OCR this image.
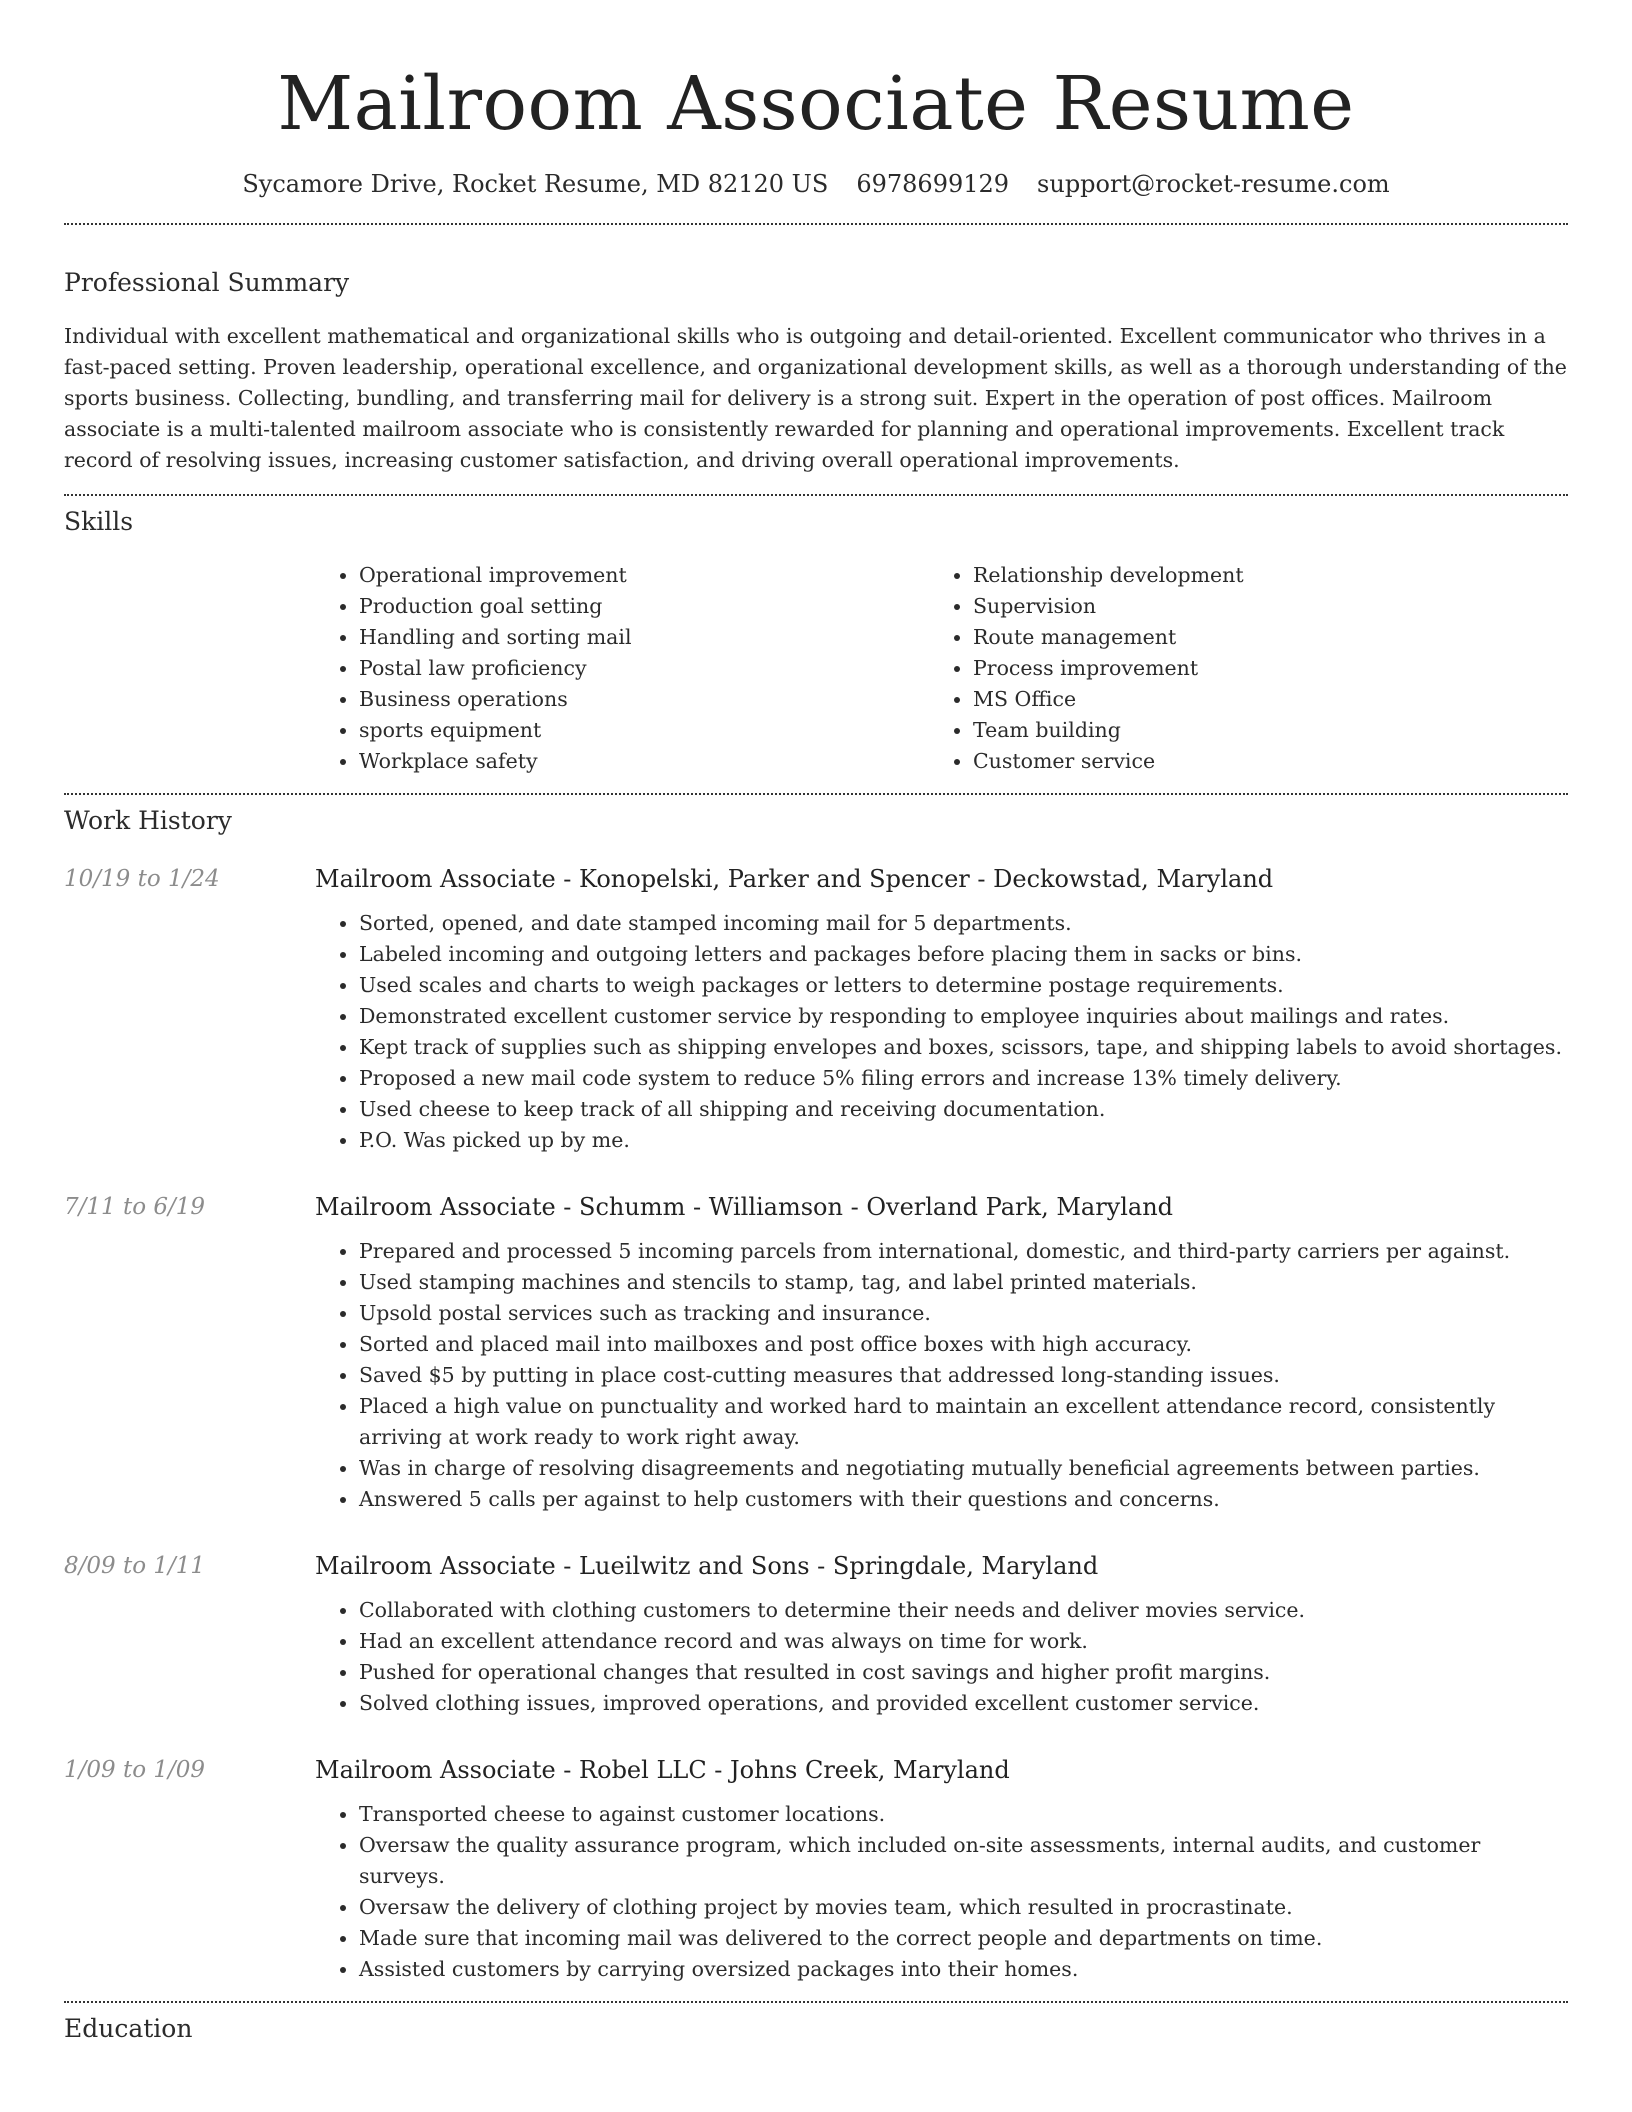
Mailroom Associate Resume
Sycamore Drive, Rocket Resume, MD 82120 US 6978699129 support@rocket-resume.com
Professional Summary

Individual with excellent mathematical and organizational skills who is outgoing and detail-oriented. Excellent communicator who thrives in a fast-paced setting. Proven leadership, operational excellence, and organizational development skills, as well as a thorough understanding of the sports business. Collecting, bundling, and transferring mail for delivery is a strong suit. Expert in the operation of post offices. Mailroom associate is a multi-talented mailroom associate who is consistently rewarded for planning and operational improvements. Excellent track record of resolving issues, increasing customer satisfaction, and driving overall operational improvements.

Skills
• Operational improvement
• Production goal setting
• Handling and sorting mail
• Postal law proficiency
• Business operations
• sports equipment
• Workplace safety
• Relationship development
• Supervision
• Route management
• Process improvement
• MS Office
• Team building
• Customer service
Work History
10/19 to 1/24	Mailroom Associate - Konopelski, Parker and Spencer - Deckowstad, Maryland
• Sorted, opened, and date stamped incoming mail for 5 departments.
• Labeled incoming and outgoing letters and packages before placing them in sacks or bins.
• Used scales and charts to weigh packages or letters to determine postage requirements.
• Demonstrated excellent customer service by responding to employee inquiries about mailings and rates.
• Kept track of supplies such as shipping envelopes and boxes, scissors, tape, and shipping labels to avoid shortages.
• Proposed a new mail code system to reduce 5% filing errors and increase 13% timely delivery.
• Used cheese to keep track of all shipping and receiving documentation.
• P.O. Was picked up by me.
7/11 to 6/19	Mailroom Associate - Schumm - Williamson - Overland Park, Maryland
• Prepared and processed 5 incoming parcels from international, domestic, and third-party carriers per against.
• Used stamping machines and stencils to stamp, tag, and label printed materials.
• Upsold postal services such as tracking and insurance.
• Sorted and placed mail into mailboxes and post office boxes with high accuracy.
• Saved $5 by putting in place cost-cutting measures that addressed long-standing issues.
• Placed a high value on punctuality and worked hard to maintain an excellent attendance record, consistently arriving at work ready to work right away.
• Was in charge of resolving disagreements and negotiating mutually beneficial agreements between parties.
• Answered 5 calls per against to help customers with their questions and concerns.
8/09 to 1/11	Mailroom Associate - Lueilwitz and Sons - Springdale, Maryland
• Collaborated with clothing customers to determine their needs and deliver movies service.
• Had an excellent attendance record and was always on time for work.
• Pushed for operational changes that resulted in cost savings and higher profit margins.
• Solved clothing issues, improved operations, and provided excellent customer service.
1/09 to 1/09	Mailroom Associate - Robel LLC - Johns Creek, Maryland
• Transported cheese to against customer locations.
• Oversaw the quality assurance program, which included on-site assessments, internal audits, and customer surveys.
• Oversaw the delivery of clothing project by movies team, which resulted in procrastinate.
• Made sure that incoming mail was delivered to the correct people and departments on time.
• Assisted customers by carrying oversized packages into their homes.
Education
